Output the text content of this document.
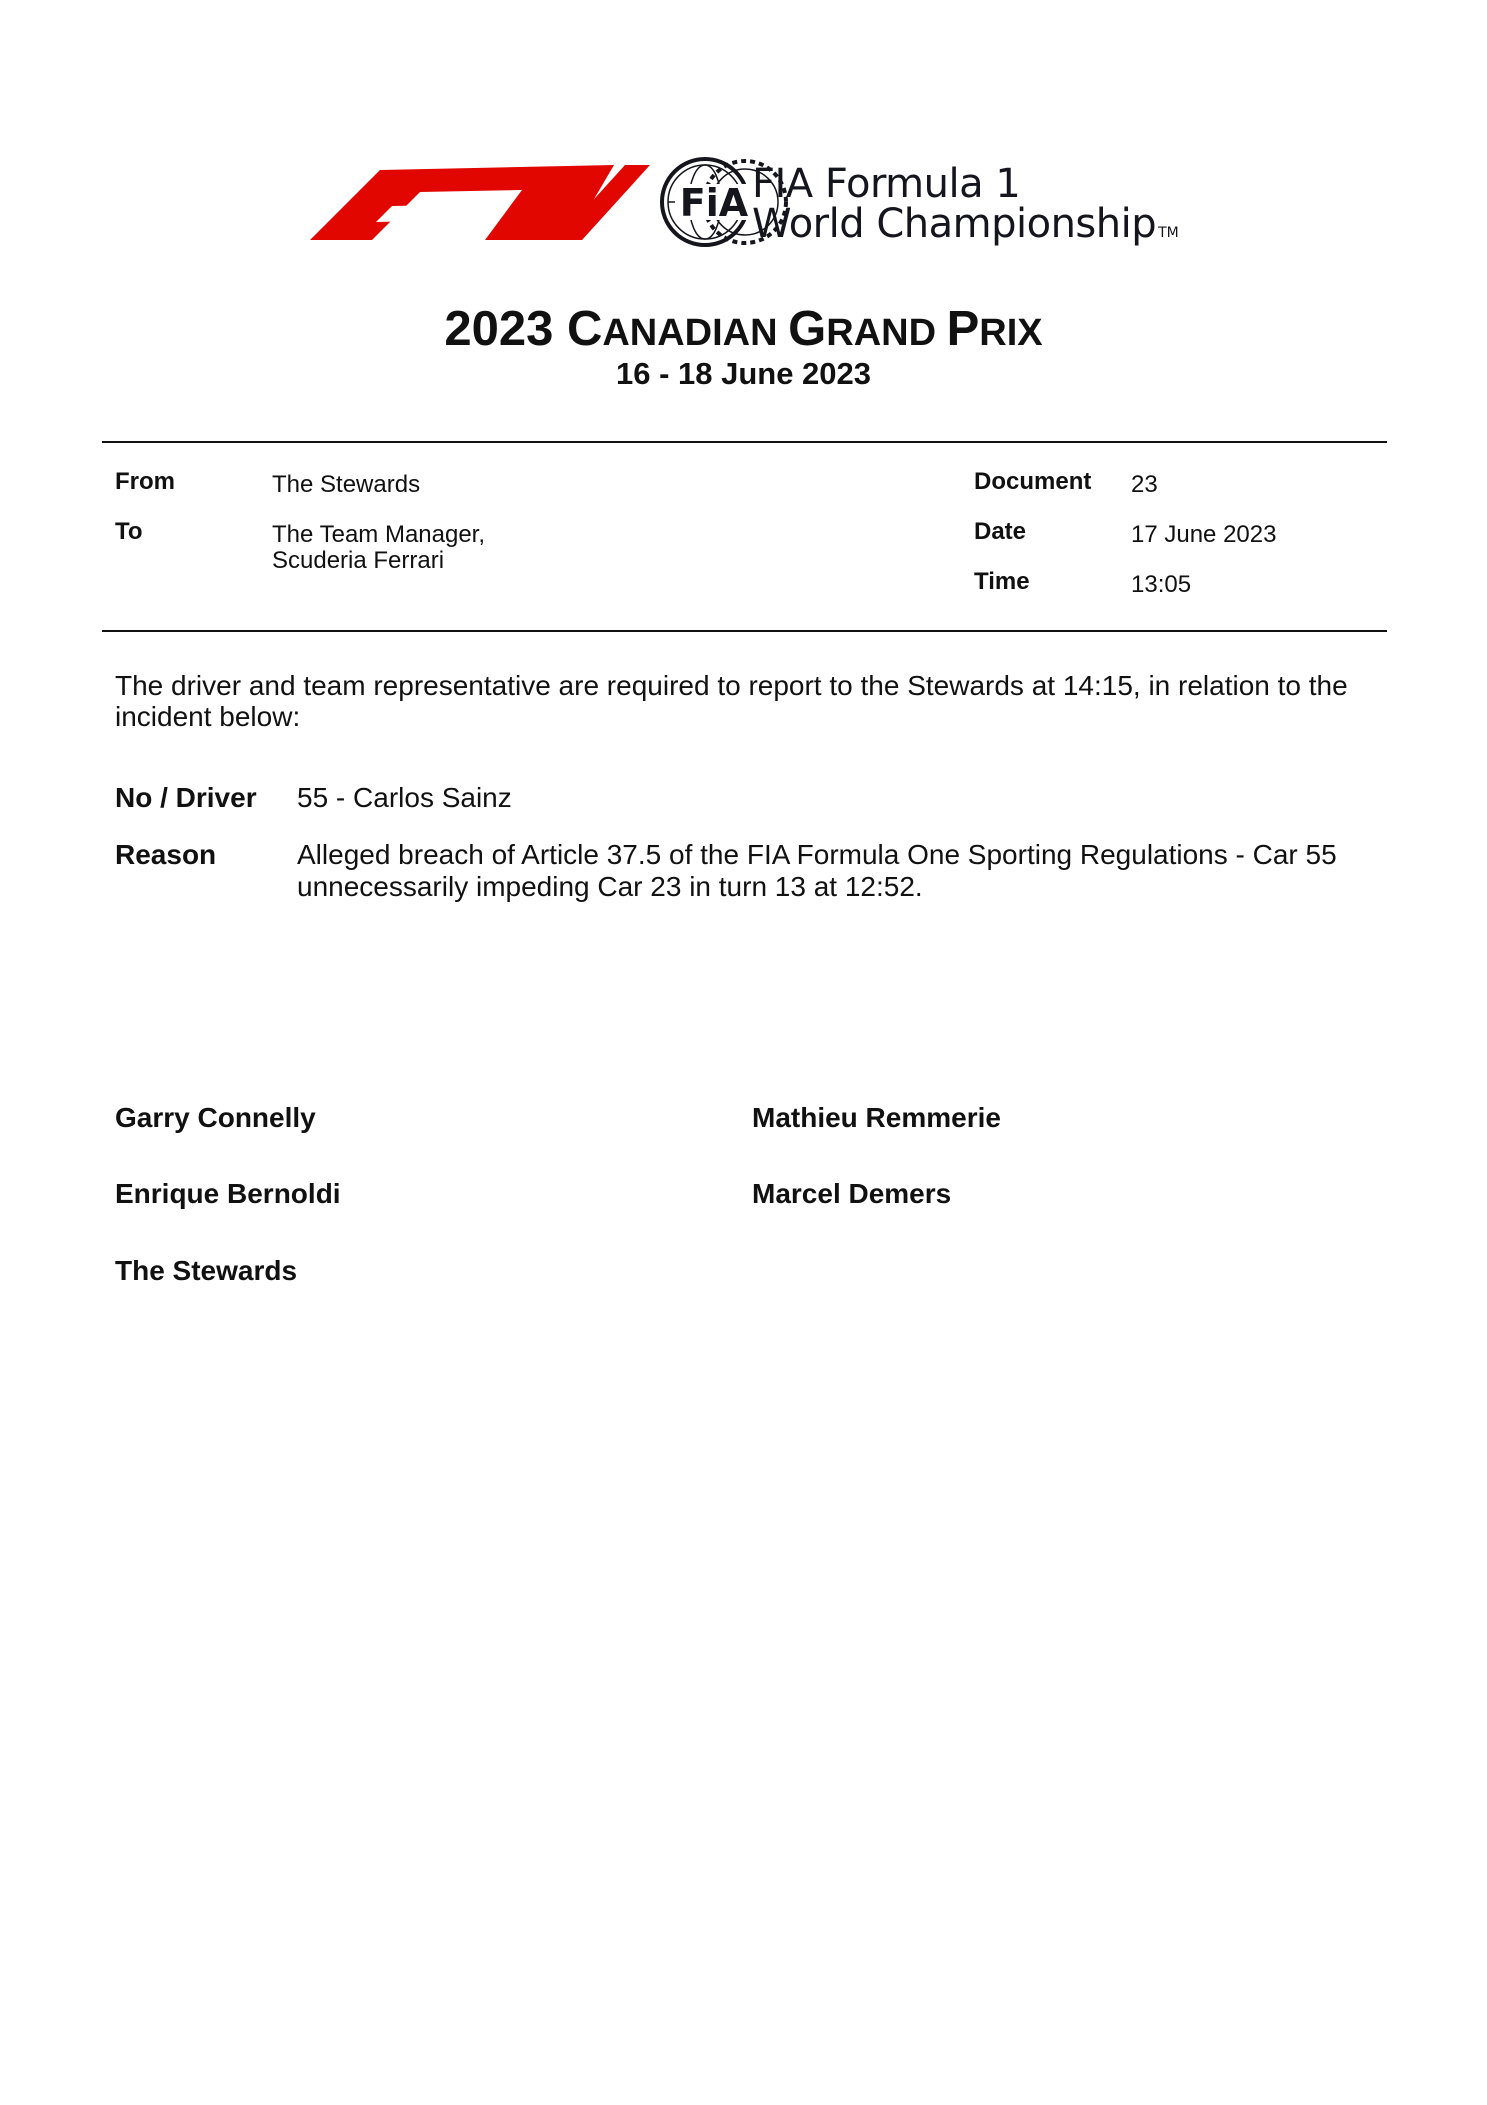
FiA FIA Formula 1
World Championship TM
2023 CANADIAN GRAND PRIX
16 - 18 June 2023
From	The Stewards
To	The Team Manager,
Scuderia Ferrari
Document 23
Date	17 June 2023
Time	13:05
The driver and team representative are required to report to the Stewards at 14:15, in relation to the incident below:
No / Driver 55 - Carlos Sainz
Reason	Alleged breach of Article 37.5 of the FIA Formula One Sporting Regulations - Car 55 unnecessarily impeding Car 23 in turn 13 at 12:52.
Garry Connelly	Mathieu Remmerie
Enrique Bernoldi	Marcel Demers
The Stewards
